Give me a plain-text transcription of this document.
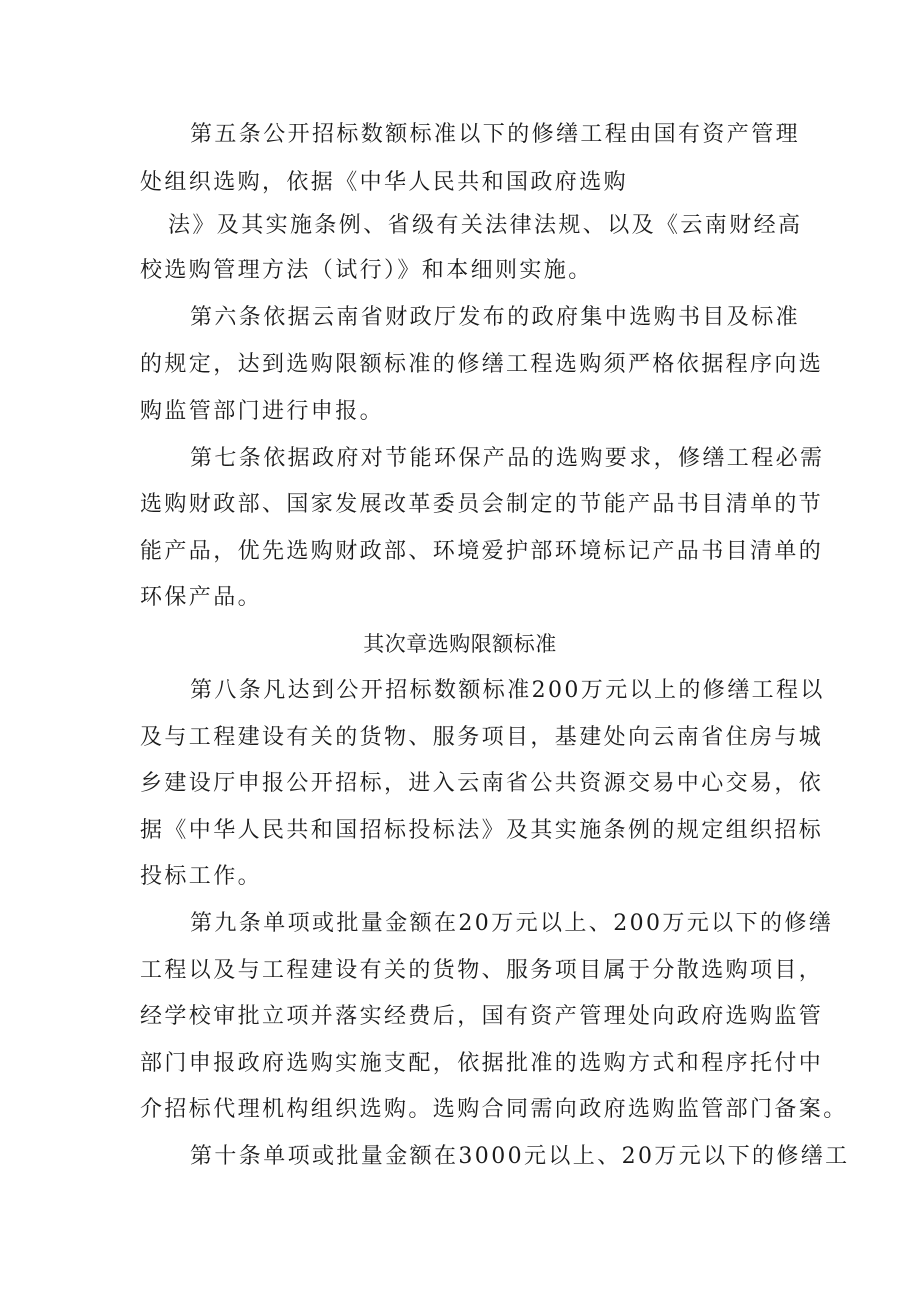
第五条公开招标数额标准以下的修缮工程由国有资产管理
处组织选购，依据《中华人民共和国政府选购
法》及其实施条例、省级有关法律法规、以及《云南财经高
校选购管理方法（试行）》和本细则实施。
第六条依据云南省财政厅发布的政府集中选购书目及标准
的规定，达到选购限额标准的修缮工程选购须严格依据程序向选
购监管部门进行申报。
第七条依据政府对节能环保产品的选购要求，修缮工程必需
选购财政部、国家发展改革委员会制定的节能产品书目清单的节
能产品，优先选购财政部、环境爱护部环境标记产品书目清单的
环保产品。
其次章选购限额标准
第八条凡达到公开招标数额标准200万元以上的修缮工程以
及与工程建设有关的货物、服务项目，基建处向云南省住房与城
乡建设厅申报公开招标，进入云南省公共资源交易中心交易，依
据《中华人民共和国招标投标法》及其实施条例的规定组织招标
投标工作。
第九条单项或批量金额在20万元以上、200万元以下的修缮
工程以及与工程建设有关的货物、服务项目属于分散选购项目，
经学校审批立项并落实经费后，国有资产管理处向政府选购监管
部门申报政府选购实施支配，依据批准的选购方式和程序托付中
介招标代理机构组织选购。选购合同需向政府选购监管部门备案。
第十条单项或批量金额在3000元以上、20万元以下的修缮工
